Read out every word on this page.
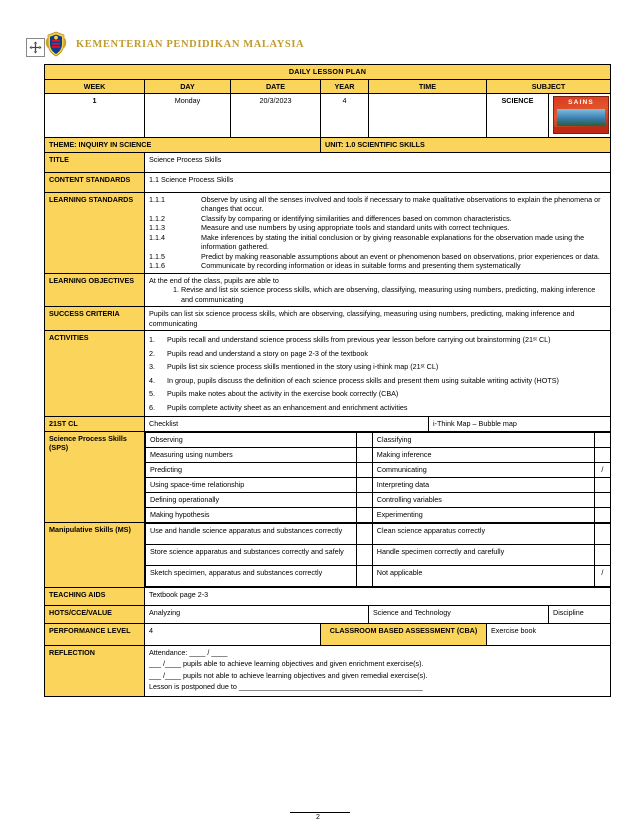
KEMENTERIAN PENDIDIKAN MALAYSIA
DAILY LESSON PLAN
WEEK	DAY	DATE	YEAR	TIME	SUBJECT
1	Monday	20/3/2023	4		SCIENCE	SAINS

THEME: INQUIRY IN SCIENCE	UNIT: 1.0 SCIENTIFIC SKILLS
TITLE	Science Process Skills
CONTENT STANDARDS	1.1 Science Process Skills
LEARNING STANDARDS	1.1.1	Observe by using all the senses involved and tools if necessary to make qualitative observations to explain the phenomena or changes that occur.
1.1.2	Classify by comparing or identifying similarities and differences based on common characteristics.
1.1.3	Measure and use numbers by using appropriate tools and standard units with correct techniques.
1.1.4	Make inferences by stating the initial conclusion or by giving reasonable explanations for the observation made using the information gathered.
1.1.5	Predict by making reasonable assumptions about an event or phenomenon based on observations, prior experiences or data.
1.1.6	Communicate by recording information or ideas in suitable forms and presenting them systematically

LEARNING OBJECTIVES	At the end of the class, pupils are able to
1. Revise and list six science process skills, which are observing, classifying, measuring using numbers, predicting, making inference and communicating

SUCCESS CRITERIA	Pupils can list six science process skills, which are observing, classifying, measuring using numbers, predicting, making inference and communicating
ACTIVITIES	1.	Pupils recall and understand science process skills from previous year lesson before carrying out brainstorming (21ˢᵗ CL)
2.	Pupils read and understand a story on page 2-3 of the textbook
3.	Pupils list six science process skills mentioned in the story using i-think map (21ˢᵗ CL)
4.	In group, pupils discuss the definition of each science process skills and present them using suitable writing activity (HOTS)
5.	Pupils make notes about the activity in the exercise book correctly (CBA)
6.	Pupils complete activity sheet as an enhancement and enrichment activities

21ST CL	Checklist	i-Think Map – Bubble map
Science Process Skills (SPS)	
Observing		Classifying	
Measuring using numbers		Making inference	
Predicting		Communicating	/
Using space-time relationship		Interpreting data	
Defining operationally		Controlling variables	
Making hypothesis		Experimenting	

Manipulative Skills (MS)		Use and handle science apparatus and substances correctly		Clean science apparatus correctly	
Store science apparatus and substances correctly and safely		Handle specimen correctly and carefully	
Sketch specimen, apparatus and substances correctly		Not applicable	/

TEACHING AIDS	Textbook page 2-3
HOTS/CCE/VALUE	Analyzing	Science and Technology	Discipline
PERFORMANCE LEVEL	4	CLASSROOM BASED ASSESSMENT (CBA)	Exercise book
REFLECTION	Attendance: ____ / ____
___ /____ pupils able to achieve learning objectives and given enrichment exercise(s).
___ /____ pupils not able to achieve learning objectives and given remedial exercise(s).
Lesson is postponed due to ______________________________________________
2
